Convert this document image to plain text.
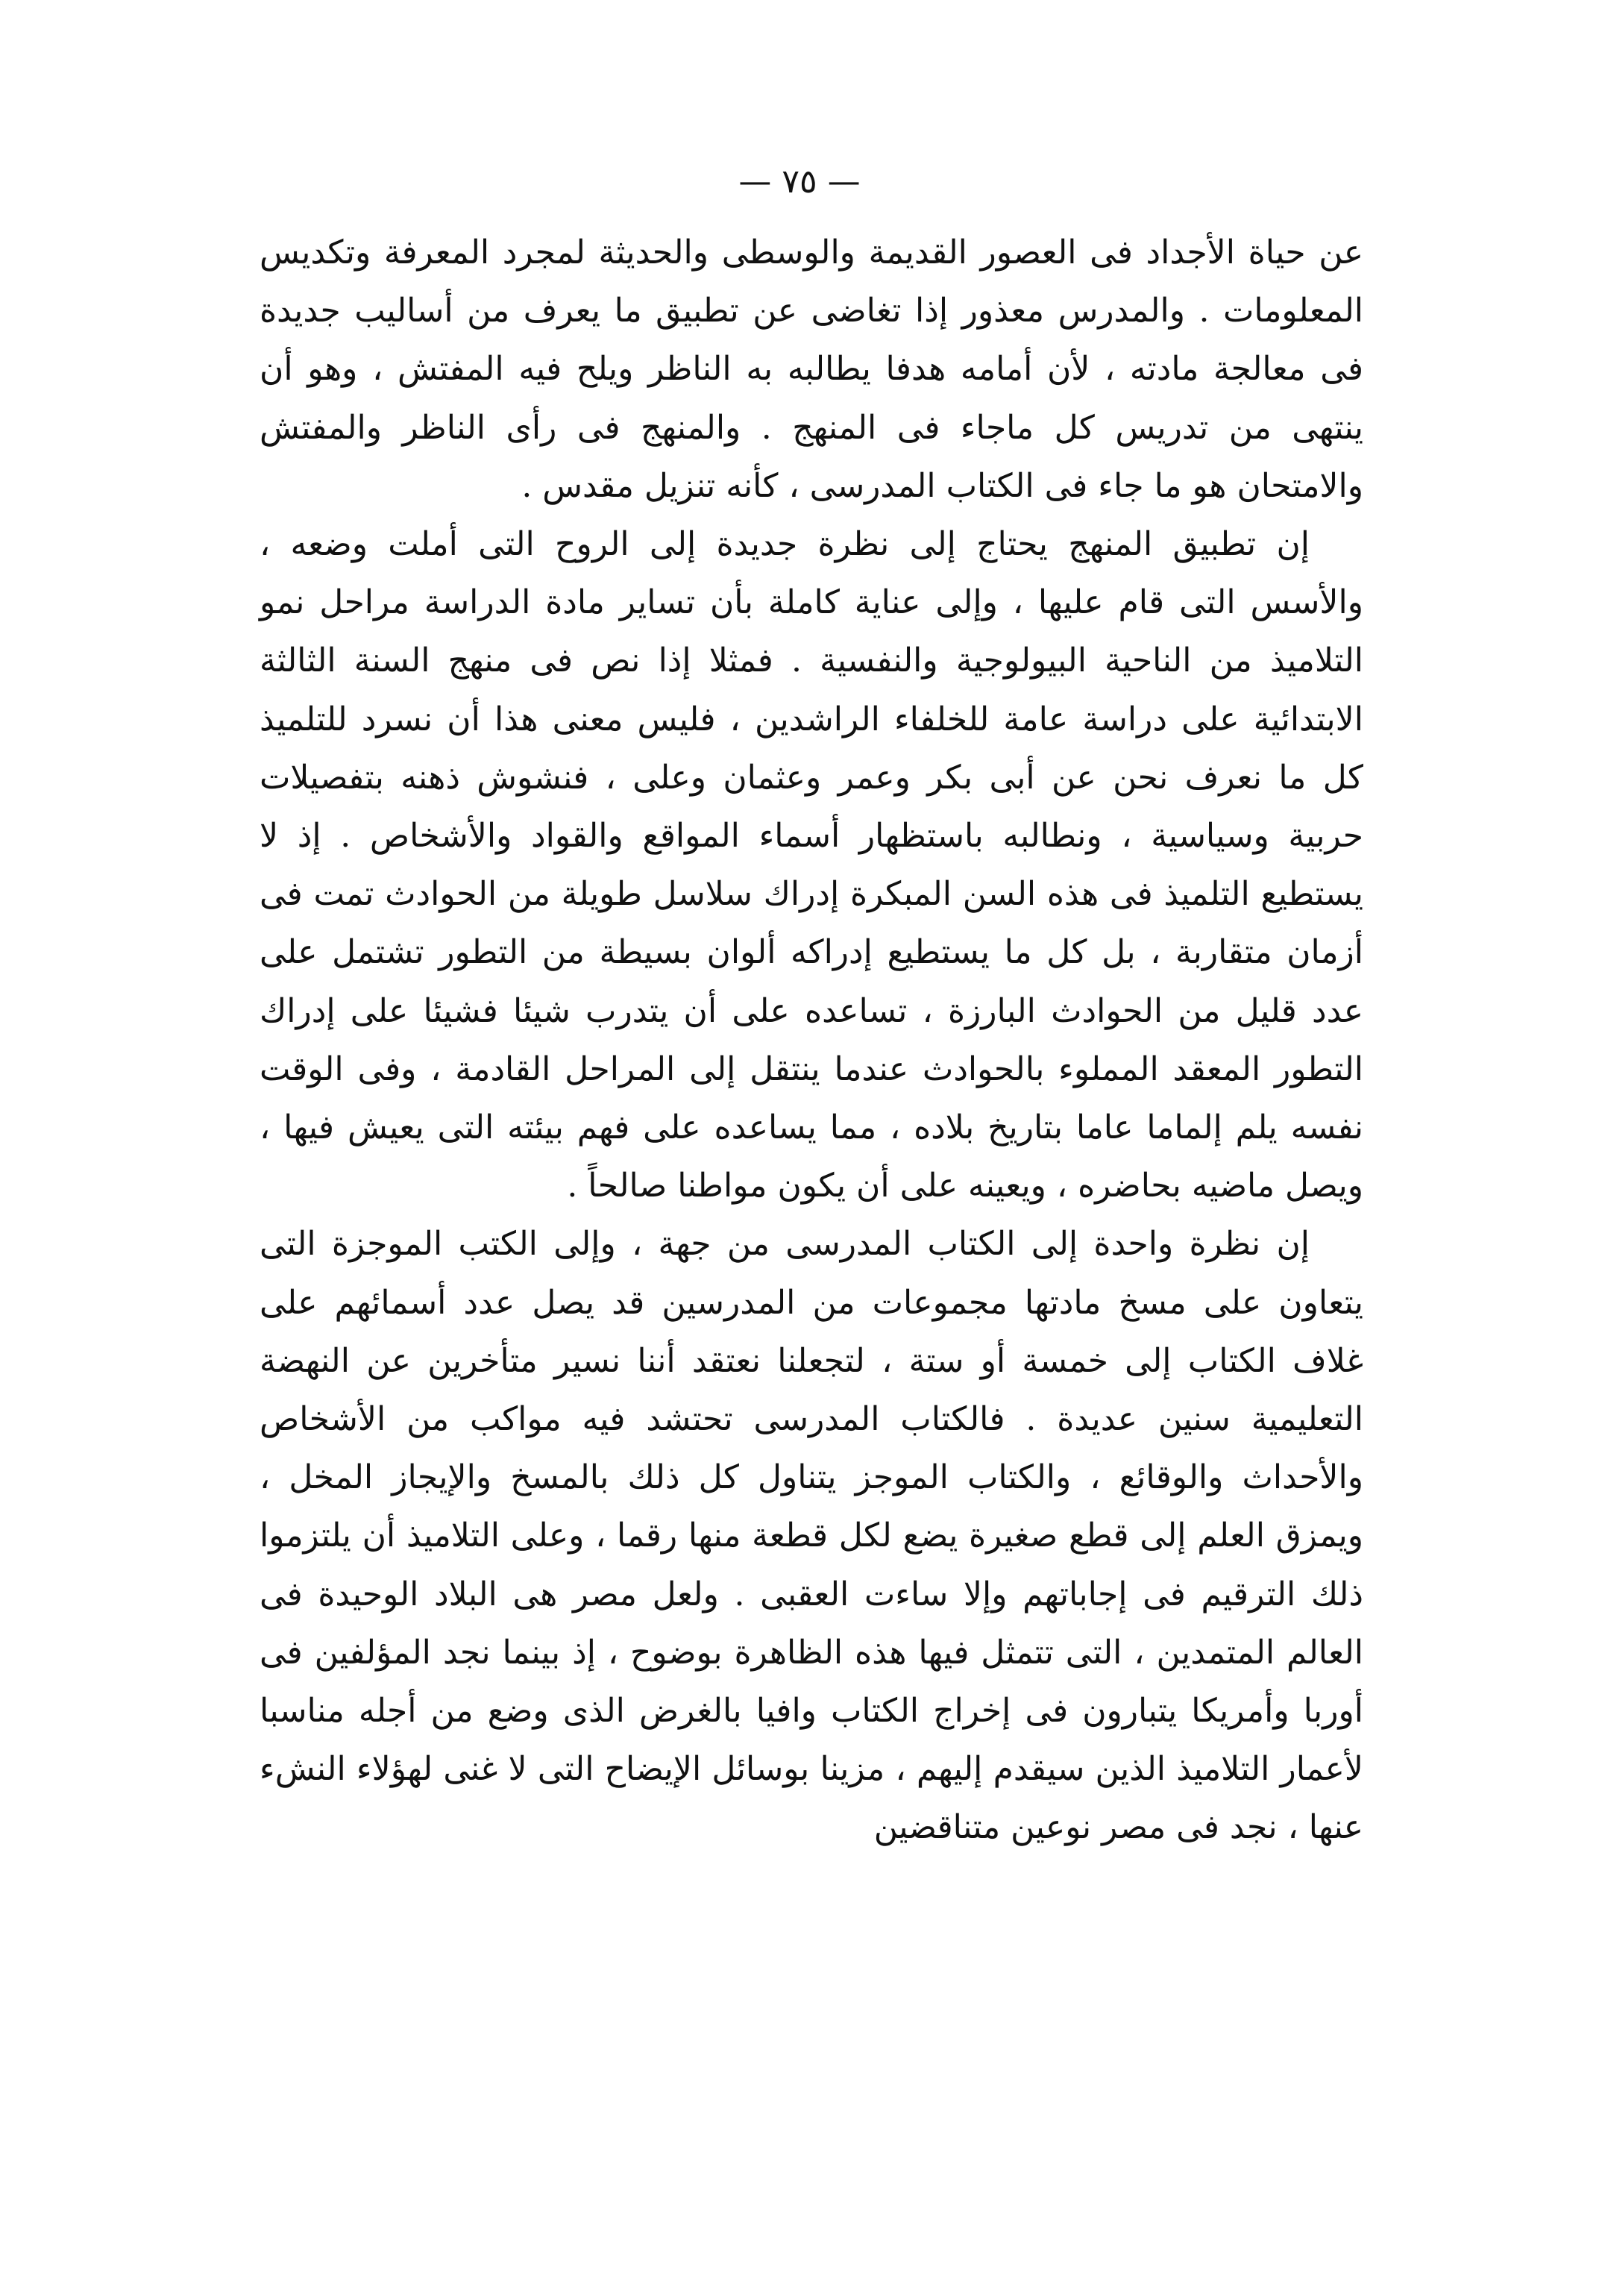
— ٧٥ —

عن حياة الأجداد فى العصور القديمة والوسطى والحديثة لمجرد المعرفة وتكديس المعلومات . والمدرس معذور إذا تغاضى عن تطبيق ما يعرف من أساليب جديدة فى معالجة مادته ، لأن أمامه هدفا يطالبه به الناظر ويلح فيه المفتش ، وهو أن ينتهى من تدريس كل ماجاء فى المنهج . والمنهج فى رأى الناظر والمفتش والامتحان هو ما جاء فى الكتاب المدرسى ، كأنه تنزيل مقدس .

إن تطبيق المنهج يحتاج إلى نظرة جديدة إلى الروح التى أملت وضعه ، والأسس التى قام عليها ، وإلى عناية كاملة بأن تساير مادة الدراسة مراحل نمو التلاميذ من الناحية البيولوجية والنفسية . فمثلا إذا نص فى منهج السنة الثالثة الابتدائية على دراسة عامة للخلفاء الراشدين ، فليس معنى هذا أن نسرد للتلميذ كل ما نعرف نحن عن أبى بكر وعمر وعثمان وعلى ، فنشوش ذهنه بتفصيلات حربية وسياسية ، ونطالبه باستظهار أسماء المواقع والقواد والأشخاص . إذ لا يستطيع التلميذ فى هذه السن المبكرة إدراك سلاسل طويلة من الحوادث تمت فى أزمان متقاربة ، بل كل ما يستطيع إدراكه ألوان بسيطة من التطور تشتمل على عدد قليل من الحوادث البارزة ، تساعده على أن يتدرب شيئا فشيئا على إدراك التطور المعقد المملوء بالحوادث عندما ينتقل إلى المراحل القادمة ، وفى الوقت نفسه يلم إلماما عاما بتاريخ بلاده ، مما يساعده على فهم بيئته التى يعيش فيها ، ويصل ماضيه بحاضره ، ويعينه على أن يكون مواطنا صالحاً .

إن نظرة واحدة إلى الكتاب المدرسى من جهة ، وإلى الكتب الموجزة التى يتعاون على مسخ مادتها مجموعات من المدرسين قد يصل عدد أسمائهم على غلاف الكتاب إلى خمسة أو ستة ، لتجعلنا نعتقد أننا نسير متأخرين عن النهضة التعليمية سنين عديدة . فالكتاب المدرسى تحتشد فيه مواكب من الأشخاص والأحداث والوقائع ، والكتاب الموجز يتناول كل ذلك بالمسخ والإيجاز المخل ، ويمزق العلم إلى قطع صغيرة يضع لكل قطعة منها رقما ، وعلى التلاميذ أن يلتزموا ذلك الترقيم فى إجاباتهم وإلا ساءت العقبى . ولعل مصر هى البلاد الوحيدة فى العالم المتمدين ، التى تتمثل فيها هذه الظاهرة بوضوح ، إذ بينما نجد المؤلفين فى أوربا وأمريكا يتبارون فى إخراج الكتاب وافيا بالغرض الذى وضع من أجله مناسبا لأعمار التلاميذ الذين سيقدم إليهم ، مزينا بوسائل الإيضاح التى لا غنى لهؤلاء النشء عنها ، نجد فى مصر نوعين متناقضين
